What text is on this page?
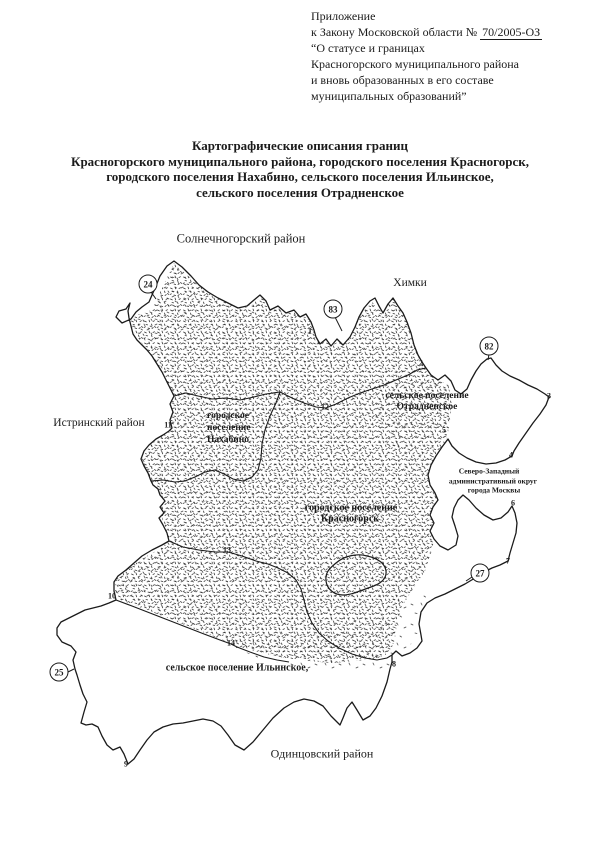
Приложение
к Закону Московской области № 70/2005-ОЗ
“О статусе и границах
Красногорского муниципального района
и вновь образованных в его составе
муниципальных образований”
Картографические описания границ
Красногорского муниципального района, городского поселения Красногорск,
городского поселения Нахабино, сельского поселения Ильинское,
сельского поселения Отрадненское
Солнечногорский район
Химки
Истринский район
Одинцовский район
Северо-Западный
административный округ
города Москвы
сельское поселение
Отрадненское
городское
поселение
Нахабино
городское поселение
Красногорск
сельское поселение Ильинское,
1
2
3
4
5
6
7
8
9
10
11
12
13
14
24
83
82
27
25
